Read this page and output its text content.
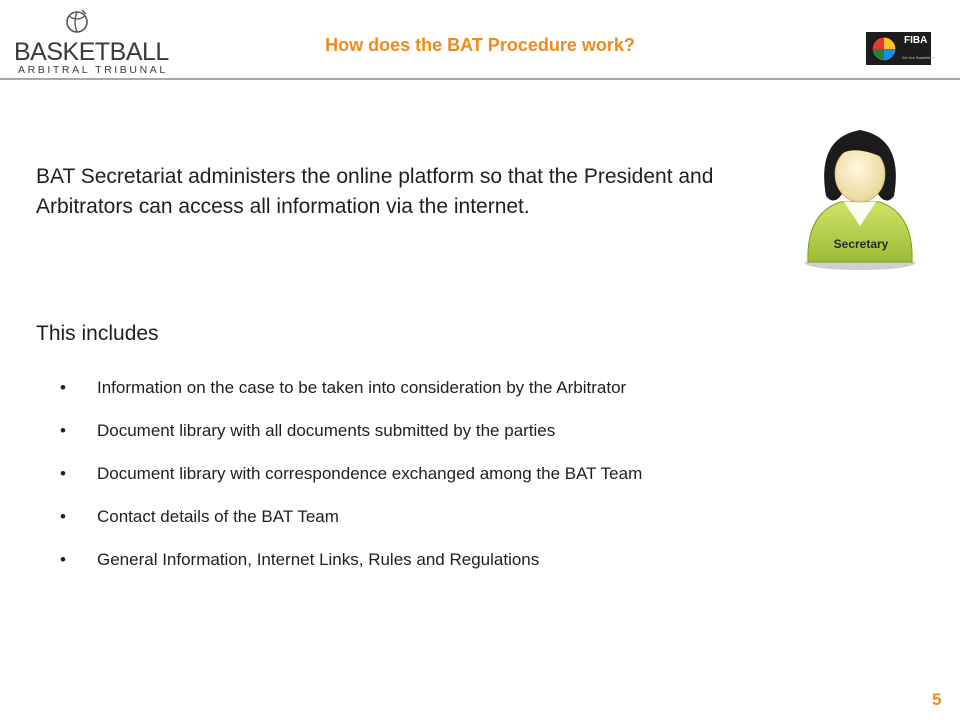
BASKETBALL
ARBITRAL TRIBUNAL
How does the BAT Procedure work?	FIBA
We Are Basketball
Secretary
BAT Secretariat administers the online platform so that the President and Arbitrators can access all information via the internet.
This includes
• Information on the case to be taken into consideration by the Arbitrator
• Document library with all documents submitted by the parties
• Document library with correspondence exchanged among the BAT Team
• Contact details of the BAT Team
• General Information, Internet Links, Rules and Regulations
5
